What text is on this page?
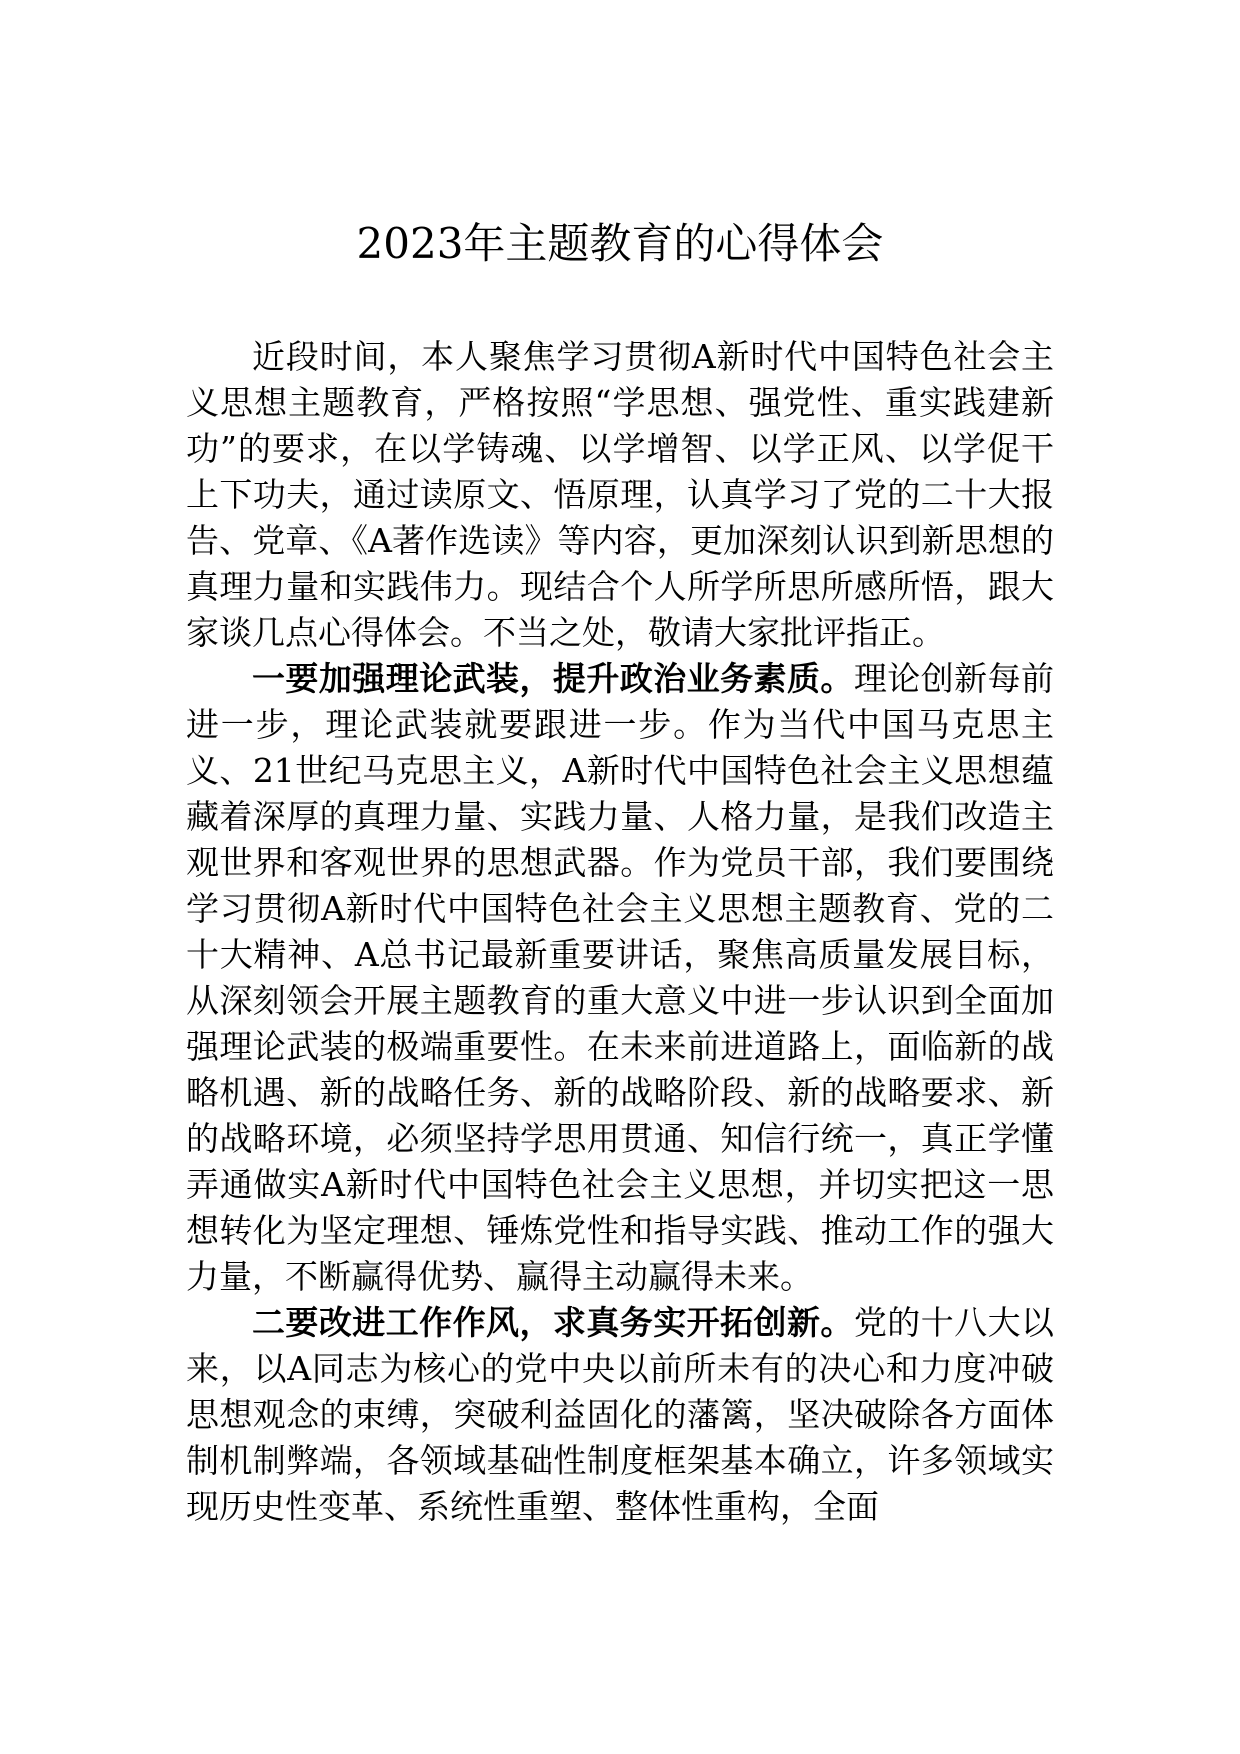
2023年主题教育的心得体会

近段时间，本人聚焦学习贯彻A新时代中国特色社会主义思想主题教育，严格按照“学思想、强党性、重实践建新功”的要求，在以学铸魂、以学增智、以学正风、以学促干上下功夫，通过读原文、悟原理，认真学习了党的二十大报告、党章、《A著作选读》等内容，更加深刻认识到新思想的真理力量和实践伟力。现结合个人所学所思所感所悟，跟大家谈几点心得体会。不当之处，敬请大家批评指正。

一要加强理论武装，提升政治业务素质。理论创新每前进一步，理论武装就要跟进一步。作为当代中国马克思主义、21世纪马克思主义，A新时代中国特色社会主义思想蕴藏着深厚的真理力量、实践力量、人格力量，是我们改造主观世界和客观世界的思想武器。作为党员干部，我们要围绕学习贯彻A新时代中国特色社会主义思想主题教育、党的二十大精神、A总书记最新重要讲话，聚焦高质量发展目标，从深刻领会开展主题教育的重大意义中进一步认识到全面加强理论武装的极端重要性。在未来前进道路上，面临新的战略机遇、新的战略任务、新的战略阶段、新的战略要求、新的战略环境，必须坚持学思用贯通、知信行统一，真正学懂弄通做实A新时代中国特色社会主义思想，并切实把这一思想转化为坚定理想、锤炼党性和指导实践、推动工作的强大力量，不断赢得优势、赢得主动赢得未来。

二要改进工作作风，求真务实开拓创新。党的十八大以来，以A同志为核心的党中央以前所未有的决心和力度冲破思想观念的束缚，突破利益固化的藩篱，坚决破除各方面体制机制弊端，各领域基础性制度框架基本确立，许多领域实现历史性变革、系统性重塑、整体性重构，全面
